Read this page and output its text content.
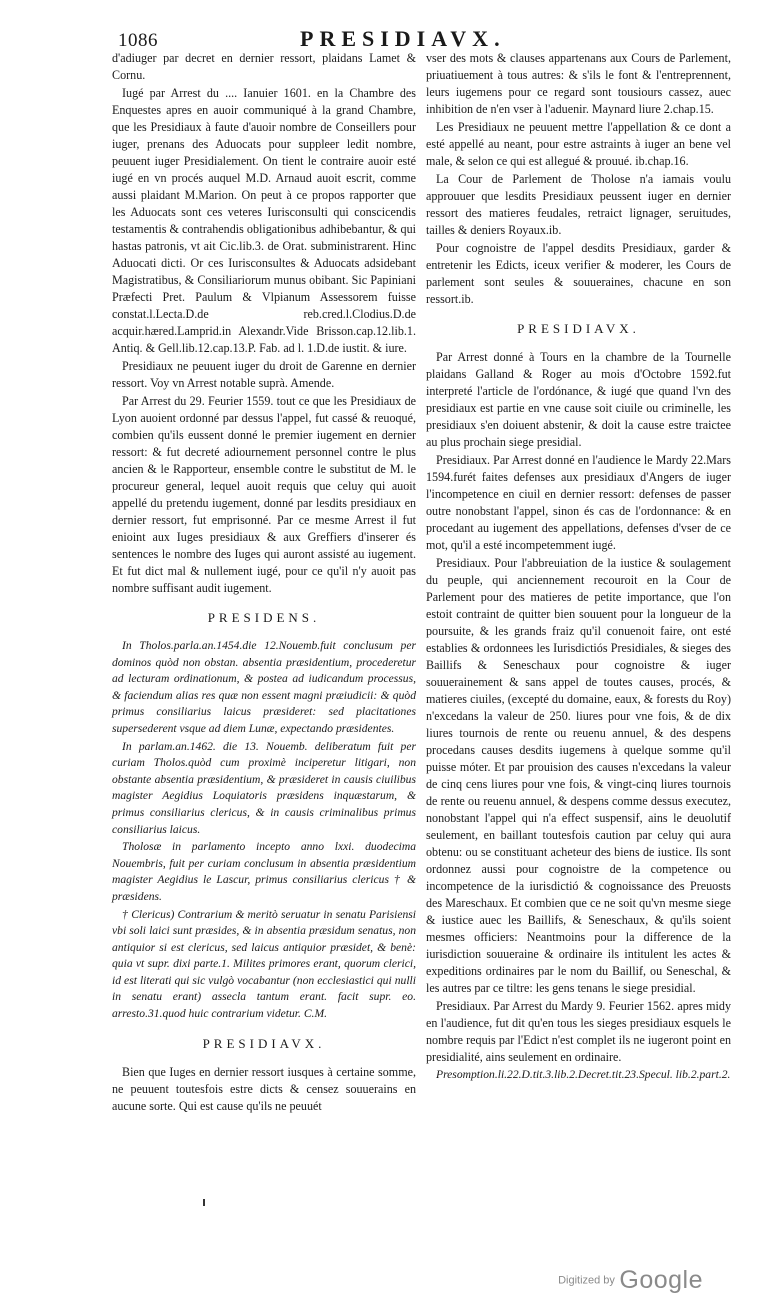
1086	PRESIDIAVX.

d'adiuger par decret en dernier ressort, plaidans Lamet & Cornu.

Iugé par Arrest du .... Ianuier 1601. en la Chambre des Enquestes apres en auoir communiqué à la grand Chambre, que les Presidiaux à faute d'auoir nombre de Conseillers pour iuger, prenans des Aduocats pour suppleer ledit nombre, peuuent iuger Presidialement. On tient le contraire auoir esté iugé en vn procés auquel M.D. Arnaud auoit escrit, comme aussi plaidant M.Marion. On peut à ce propos rapporter que les Aduocats sont ces veteres Iurisconsulti qui conscicendis testamentis & contrahendis obligationibus adhibebantur, & qui hastas patronis, vt ait Cic.lib.3. de Orat. subministrarent. Hinc Aduocati dicti. Or ces Iurisconsultes & Aduocats adsidebant Magistratibus, & Consiliariorum munus obibant. Sic Papiniani Præfecti Pret. Paulum & Vlpianum Assessorem fuisse constat.l.Lecta.D.de reb.cred.l.Clodius.D.de acquir.hæred.Lamprid.in Alexandr.Vide Brisson.cap.12.lib.1. Antiq. & Gell.lib.12.cap.13.P. Fab. ad l. 1.D.de iustit. & iure.

Presidiaux ne peuuent iuger du droit de Garenne en dernier ressort. Voy vn Arrest notable suprà. Amende.

Par Arrest du 29. Feurier 1559. tout ce que les Presidiaux de Lyon auoient ordonné par dessus l'appel, fut cassé & reuoqué, combien qu'ils eussent donné le premier iugement en dernier ressort: & fut decreté adiournement personnel contre le plus ancien & le Rapporteur, ensemble contre le substitut de M. le procureur general, lequel auoit requis que celuy qui auoit appellé du pretendu iugement, donné par lesdits presidiaux en dernier ressort, fut emprisonné. Par ce mesme Arrest il fut enioint aux Iuges presidiaux & aux Greffiers d'inserer és sentences le nombre des Iuges qui auront assisté au iugement. Et fut dict mal & nullement iugé, pour ce qu'il n'y auoit pas nombre suffisant audit iugement.

PRESIDENS.

In Tholos.parla.an.1454.die 12.Nouemb.fuit conclusum per dominos quòd non obstan. absentia præsidentium, procederetur ad lecturam ordinationum, & postea ad iudicandum processus, & faciendum alias res quæ non essent magni præiudicii: & quòd primus consiliarius laicus præsideret: sed placitationes supersederent vsque ad diem Lunæ, expectando præsidentes.

In parlam.an.1462. die 13. Nouemb. deliberatum fuit per curiam Tholos.quòd cum proximè inciperetur litigari, non obstante absentia præsidentium, & præsideret in causis ciuilibus magister Aegidius Loquiatoris præsidens inquæstarum, & primus consiliarius clericus, & in causis criminalibus primus consiliarius laicus.

Tholosæ in parlamento incepto anno lxxi. duodecima Nouembris, fuit per curiam conclusum in absentia præsidentium magister Aegidius le Lascur, primus consiliarius clericus † & præsidens.

† Clericus) Contrarium & meritò seruatur in senatu Parisiensi vbi soli laici sunt præsides, & in absentia præsidum senatus, non antiquior si est clericus, sed laicus antiquior præsidet, & benè: quia vt supr. dixi parte.1. Milites primores erant, quorum clerici, id est literati qui sic vulgò vocabantur (non ecclesiastici qui nulli in senatu erant) assecla tantum erant. facit supr. eo. arresto.31.quod huic contrarium videtur. C.M.

PRESIDIAVX.

Bien que Iuges en dernier ressort iusques à certaine somme, ne peuuent toutesfois estre dicts & censez souuerains en aucune sorte. Qui est cause qu'ils ne peuuét

vser des mots & clauses appartenans aux Cours de Parlement, priuatiuement à tous autres: & s'ils le font & l'entreprennent, leurs iugemens pour ce regard sont tousiours cassez, auec inhibition de n'en vser à l'aduenir. Maynard liure 2.chap.15.

Les Presidiaux ne peuuent mettre l'appellation & ce dont a esté appellé au neant, pour estre astraints à iuger an bene vel male, & selon ce qui est allegué & prouué. ib.chap.16.

La Cour de Parlement de Tholose n'a iamais voulu approuuer que lesdits Presidiaux peussent iuger en dernier ressort des matieres feudales, retraict lignager, seruitudes, tailles & deniers Royaux.ib.

Pour cognoistre de l'appel desdits Presidiaux, garder & entretenir les Edicts, iceux verifier & moderer, les Cours de parlement sont seules & souueraines, chacune en son ressort.ib.

PRESIDIAVX.

Par Arrest donné à Tours en la chambre de la Tournelle plaidans Galland & Roger au mois d'Octobre 1592.fut interpreté l'article de l'ordónance, & iugé que quand l'vn des presidiaux est partie en vne cause soit ciuile ou criminelle, les presidiaux s'en doiuent abstenir, & doit la cause estre traictee au plus prochain siege presidial.

Presidiaux. Par Arrest donné en l'audience le Mardy 22.Mars 1594.furét faites defenses aux presidiaux d'Angers de iuger l'incompetence en ciuil en dernier ressort: defenses de passer outre nonobstant l'appel, sinon és cas de l'ordonnance: & en procedant au iugement des appellations, defenses d'vser de ce mot, qu'il a esté incompetemment iugé.

Presidiaux. Pour l'abbreuiation de la iustice & soulagement du peuple, qui anciennement recouroit en la Cour de Parlement pour des matieres de petite importance, que l'on estoit contraint de quitter bien souuent pour la longueur de la poursuite, & les grands fraiz qu'il conuenoit faire, ont esté establies & ordonnees les Iurisdictiós Presidiales, & sieges des Baillifs & Seneschaux pour cognoistre & iuger souuerainement & sans appel de toutes causes, procés, & matieres ciuiles, (excepté du domaine, eaux, & forests du Roy) n'excedans la valeur de 250. liures pour vne fois, & de dix liures tournois de rente ou reuenu annuel, & des despens procedans causes desdits iugemens à quelque somme qu'il puisse móter. Et par prouision des causes n'excedans la valeur de cinq cens liures pour vne fois, & vingt-cinq liures tournois de rente ou reuenu annuel, & despens comme dessus executez, nonobstant l'appel qui n'a effect suspensif, ains le deuolutif seulement, en baillant toutesfois caution par celuy qui aura obtenu: ou se constituant acheteur des biens de iustice. Ils sont ordonnez aussi pour cognoistre de la competence ou incompetence de la iurisdictió & cognoissance des Preuosts des Mareschaux. Et combien que ce ne soit qu'vn mesme siege & iustice auec les Baillifs, & Seneschaux, & qu'ils soient mesmes officiers: Neantmoins pour la difference de la iurisdiction souueraine & ordinaire ils intitulent les actes & expeditions ordinaires par le nom du Baillif, ou Seneschal, & les autres par ce tiltre: les gens tenans le siege presidial.

Presidiaux. Par Arrest du Mardy 9. Feurier 1562. apres midy en l'audience, fut dit qu'en tous les sieges presidiaux esquels le nombre requis par l'Edict n'est complet ils ne iugeront point en presidialité, ains seulement en ordinaire.

Presomption.li.22.D.tit.3.lib.2.Decret.tit.23.Specul. lib.2.part.2.

Digitized by Google
